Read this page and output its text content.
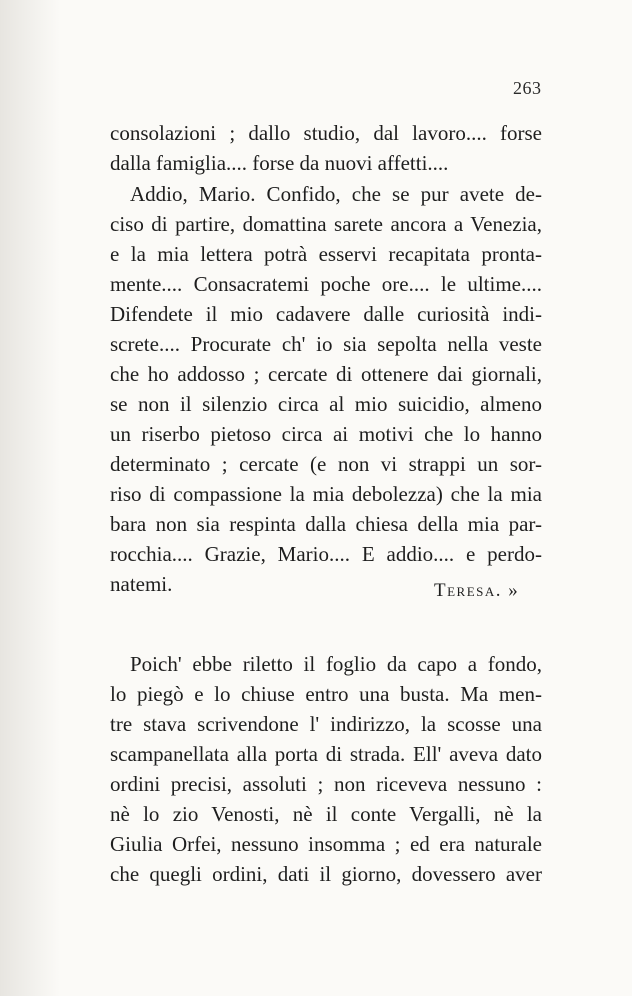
263
consolazioni ; dallo studio, dal lavoro.... forse
dalla famiglia.... forse da nuovi affetti....
Addio, Mario. Confido, che se pur avete de-
ciso di partire, domattina sarete ancora a Venezia,
e la mia lettera potrà esservi recapitata pronta-
mente.... Consacratemi poche ore.... le ultime....
Difendete il mio cadavere dalle curiosità indi-
screte.... Procurate ch' io sia sepolta nella veste
che ho addosso ; cercate di ottenere dai giornali,
se non il silenzio circa al mio suicidio, almeno
un riserbo pietoso circa ai motivi che lo hanno
determinato ; cercate (e non vi strappi un sor-
riso di compassione la mia debolezza) che la mia
bara non sia respinta dalla chiesa della mia par-
rocchia.... Grazie, Mario.... E addio.... e perdo-
natemi.	Teresa. »
Poich' ebbe riletto il foglio da capo a fondo,
lo piegò e lo chiuse entro una busta. Ma men-
tre stava scrivendone l' indirizzo, la scosse una
scampanellata alla porta di strada. Ell' aveva dato
ordini precisi, assoluti ; non riceveva nessuno :
nè lo zio Venosti, nè il conte Vergalli, nè la
Giulia Orfei, nessuno insomma ; ed era naturale
che quegli ordini, dati il giorno, dovessero aver
